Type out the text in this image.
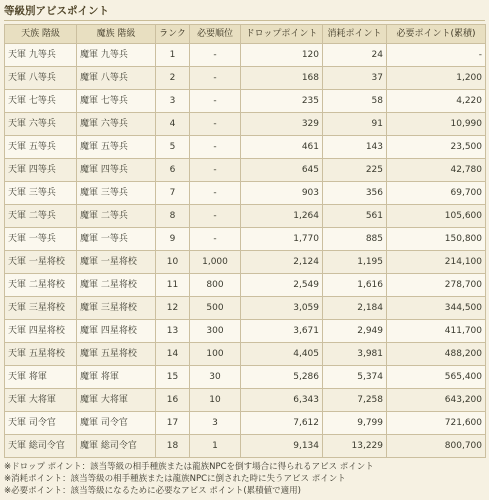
等級別アビスポイント
天族 階級	魔族 階級	ランク	必要順位	ドロップポイント	消耗ポイント	必要ポイント(累積)
天軍 九等兵	魔軍 九等兵	1	-	120	24	-
天軍 八等兵	魔軍 八等兵	2	-	168	37	1,200
天軍 七等兵	魔軍 七等兵	3	-	235	58	4,220
天軍 六等兵	魔軍 六等兵	4	-	329	91	10,990
天軍 五等兵	魔軍 五等兵	5	-	461	143	23,500
天軍 四等兵	魔軍 四等兵	6	-	645	225	42,780
天軍 三等兵	魔軍 三等兵	7	-	903	356	69,700
天軍 二等兵	魔軍 二等兵	8	-	1,264	561	105,600
天軍 一等兵	魔軍 一等兵	9	-	1,770	885	150,800
天軍 一星将校	魔軍 一星将校	10	1,000	2,124	1,195	214,100
天軍 二星将校	魔軍 二星将校	11	800	2,549	1,616	278,700
天軍 三星将校	魔軍 三星将校	12	500	3,059	2,184	344,500
天軍 四星将校	魔軍 四星将校	13	300	3,671	2,949	411,700
天軍 五星将校	魔軍 五星将校	14	100	4,405	3,981	488,200
天軍 将軍	魔軍 将軍	15	30	5,286	5,374	565,400
天軍 大将軍	魔軍 大将軍	16	10	6,343	7,258	643,200
天軍 司令官	魔軍 司令官	17	3	7,612	9,799	721,600
天軍 総司令官	魔軍 総司令官	18	1	9,134	13,229	800,700
※ドロップ ポイント：該当等級の相手種族または龍族NPCを倒す場合に得られるアビス ポイント
※消耗ポイント：該当等級の相手種族または龍族NPCに倒された時に失うアビス ポイント
※必要ポイント：該当等級になるために必要なアビス ポイント(累積値で適用)
